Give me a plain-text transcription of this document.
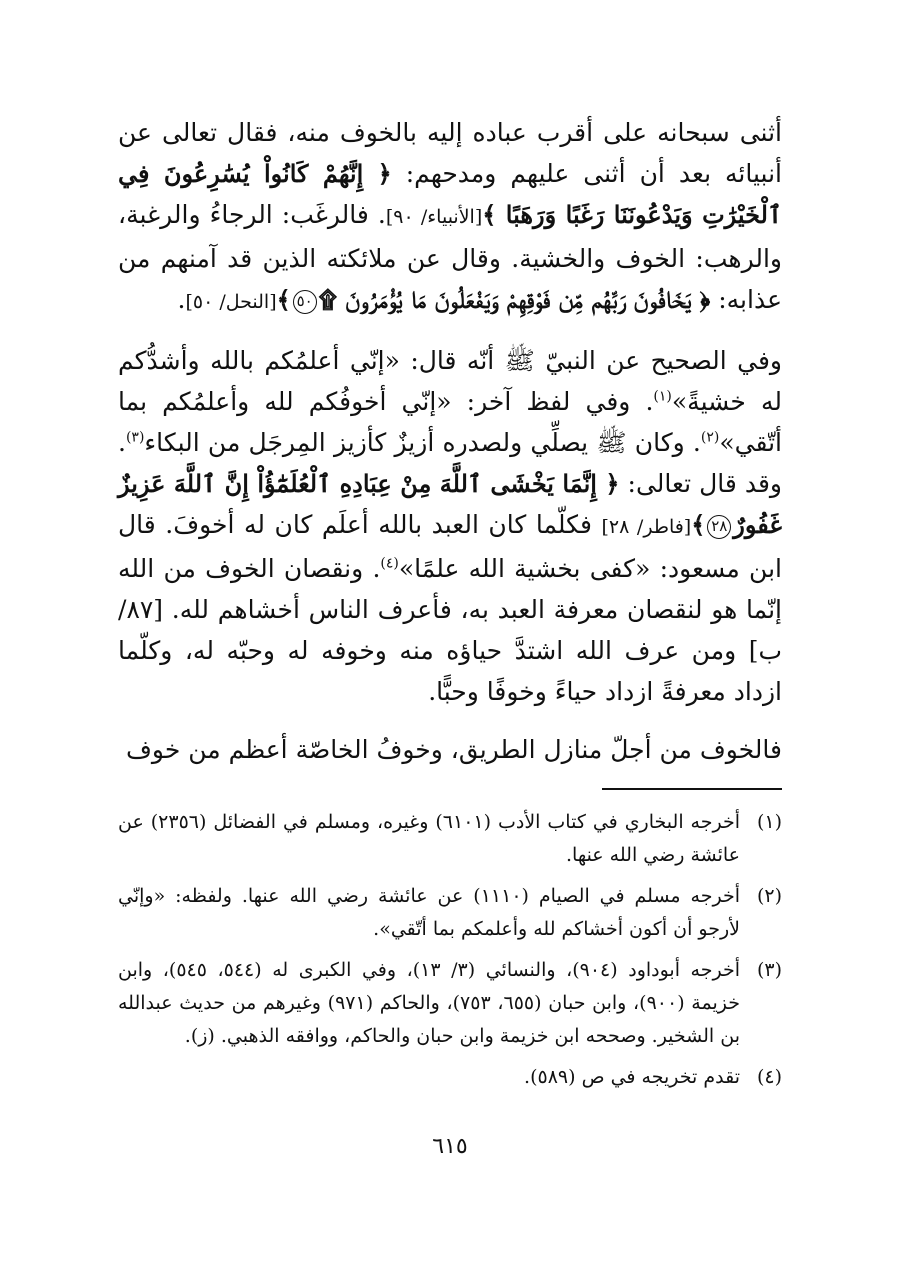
أثنى سبحانه على أقرب عباده إليه بالخوف منه، فقال تعالى عن أنبيائه بعد أن أثنى عليهم ومدحهم: ﴿ إِنَّهُمْ كَانُواْ يُسَٰرِعُونَ فِي ٱلْخَيْرَٰتِ وَيَدْعُونَنَا رَغَبًا وَرَهَبًا ﴾[الأنبياء/ ٩٠]. فالرغَب: الرجاءُ والرغبة، والرهب: الخوف والخشية. وقال عن ملائكته الذين قد آمنهم من عذابه: ﴿ يَخَافُونَ رَبَّهُم مِّن فَوْقِهِمْ وَيَفْعَلُونَ مَا يُؤْمَرُونَ ۩٥٠﴾[النحل/ ٥٠].

وفي الصحيح عن النبيّ ﷺ أنّه قال: «إنّي أعلمُكم بالله وأشدُّكم له خشيةً»$^{(١)}$. وفي لفظ آخر: «إنّي أخوفُكم لله وأعلمُكم بما أتّقي»$^{(٢)}$. وكان ﷺ يصلِّي ولصدره أزيزٌ كأزيز المِرجَل من البكاء$^{(٣)}$. وقد قال تعالى: ﴿ إِنَّمَا يَخْشَى ٱللَّهَ مِنْ عِبَادِهِ ٱلْعُلَمَٰٓؤُاْ إِنَّ ٱللَّهَ عَزِيزٌ غَفُورٌ٢٨﴾[فاطر/ ٢٨] فكلّما كان العبد بالله أعلَم كان له أخوفَ. قال ابن مسعود: «كفى بخشية الله علمًا»$^{(٤)}$. ونقصان الخوف من الله إنّما هو لنقصان معرفة العبد به، فأعرف الناس أخشاهم لله. [٨٧/ب] ومن عرف الله اشتدَّ حياؤه منه وخوفه له وحبّه له، وكلّما ازداد معرفةً ازداد حياءً وخوفًا وحبًّا.

فالخوف من أجلّ منازل الطريق، وخوفُ الخاصّة أعظم من خوف

(١)
أخرجه البخاري في كتاب الأدب (٦١٠١) وغيره، ومسلم في الفضائل (٢٣٥٦) عن عائشة رضي الله عنها.
(٢)
أخرجه مسلم في الصيام (١١١٠) عن عائشة رضي الله عنها. ولفظه: «وإنّي لأرجو أن أكون أخشاكم لله وأعلمكم بما أتّقي».
(٣)
أخرجه أبوداود (٩٠٤)، والنسائي (٣/ ١٣)، وفي الكبرى له (٥٤٤، ٥٤٥)، وابن خزيمة (٩٠٠)، وابن حبان (٦٥٥، ٧٥٣)، والحاكم (٩٧١) وغيرهم من حديث عبدالله بن الشخير. وصححه ابن خزيمة وابن حبان والحاكم، ووافقه الذهبي. (ز).
(٤)
تقدم تخريجه في ص (٥٨٩).
٦١٥
